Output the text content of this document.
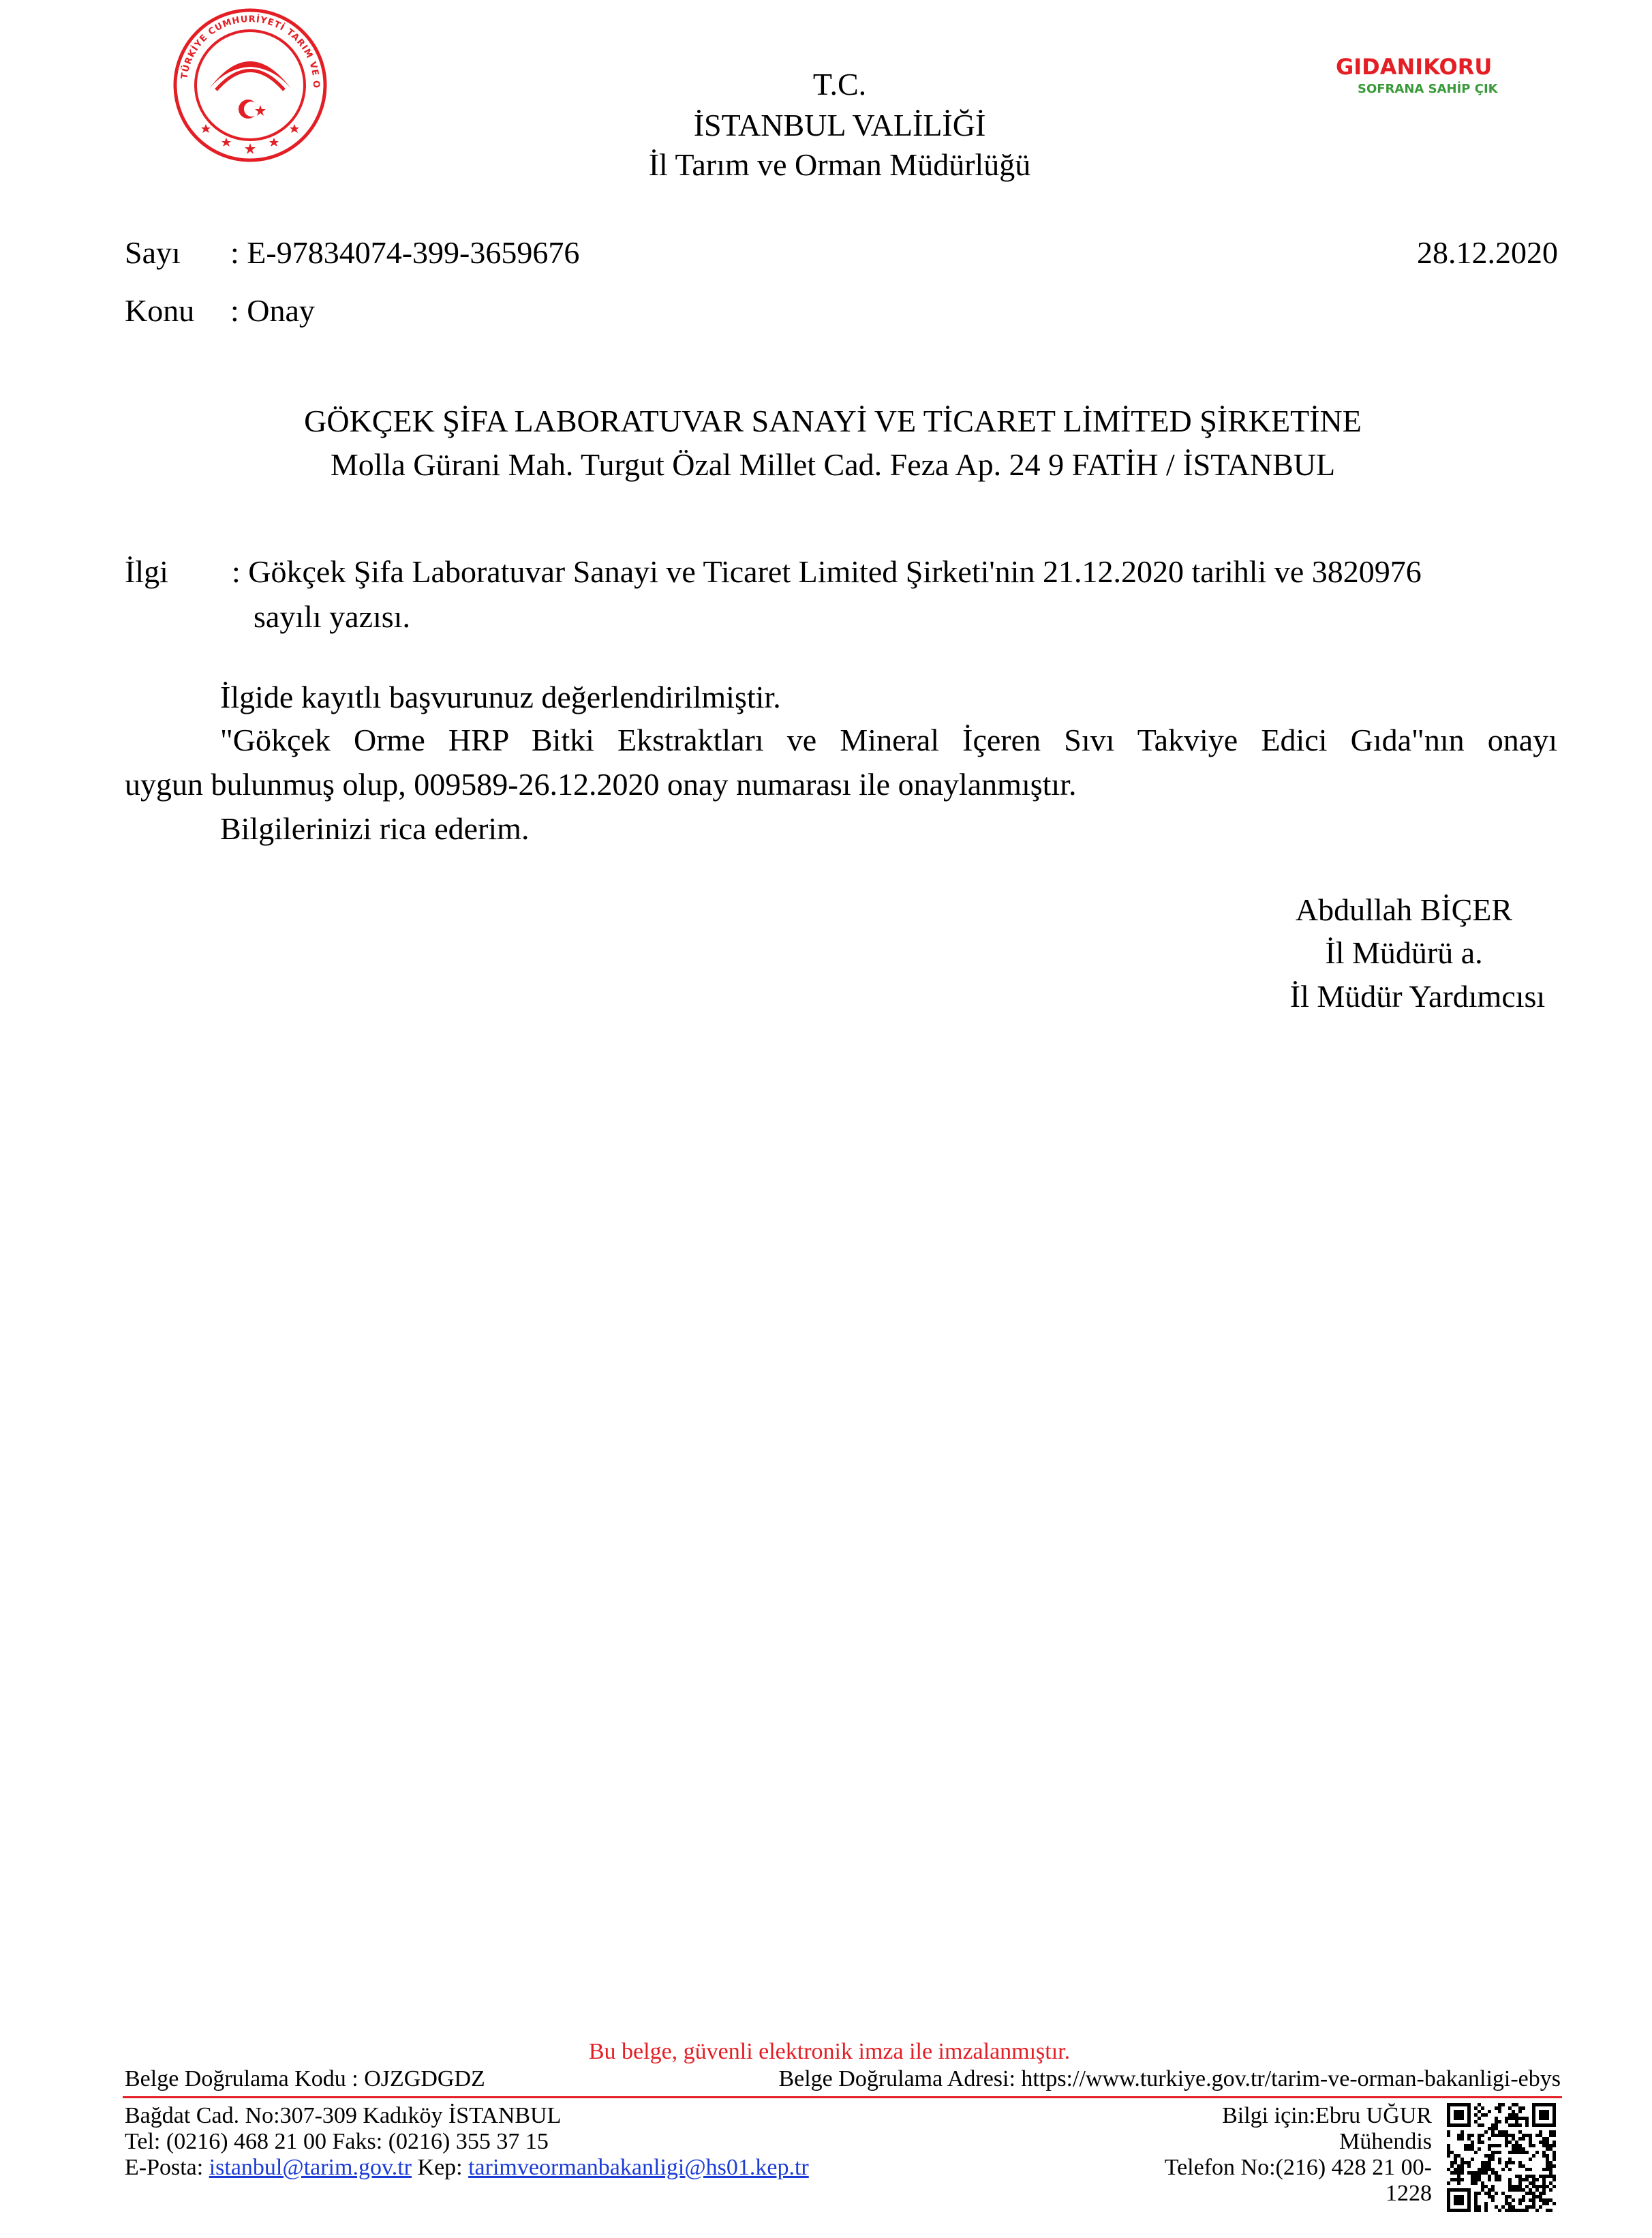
TÜRKİYE CUMHURİYETİ TARIM VE O
GIDANIKORU
SOFRANA SAHİP ÇIK
T.C.
İSTANBUL VALİLİĞİ
İl Tarım ve Orman Müdürlüğü
Sayı : E-97834074-399-3659676	28.12.2020
Konu : Onay
GÖKÇEK ŞİFA LABORATUVAR SANAYİ VE TİCARET LİMİTED ŞİRKETİNE
Molla Gürani Mah. Turgut Özal Millet Cad. Feza Ap. 24 9 FATİH / İSTANBUL
İlgi : Gökçek Şifa Laboratuvar Sanayi ve Ticaret Limited Şirketi'nin 21.12.2020 tarihli ve 3820976
sayılı yazısı.
İlgide kayıtlı başvurunuz değerlendirilmiştir.
"Gökçek Orme HRP Bitki Ekstraktları ve Mineral İçeren Sıvı Takviye Edici Gıda"nın onayı
uygun bulunmuş olup, 009589-26.12.2020 onay numarası ile onaylanmıştır.
Bilgilerinizi rica ederim.
Abdullah BİÇER
İl Müdürü a.
İl Müdür Yardımcısı
Bu belge, güvenli elektronik imza ile imzalanmıştır.
Belge Doğrulama Kodu : OJZGDGDZ	Belge Doğrulama Adresi: https://www.turkiye.gov.tr/tarim-ve-orman-bakanligi-ebys
Bağdat Cad. No:307-309 Kadıköy İSTANBUL
Tel: (0216) 468 21 00 Faks: (0216) 355 37 15
E-Posta: istanbul@tarim.gov.tr Kep: tarimveormanbakanligi@hs01.kep.tr
Bilgi için:Ebru UĞUR
Mühendis
Telefon No:(216) 428 21 00-
1228
